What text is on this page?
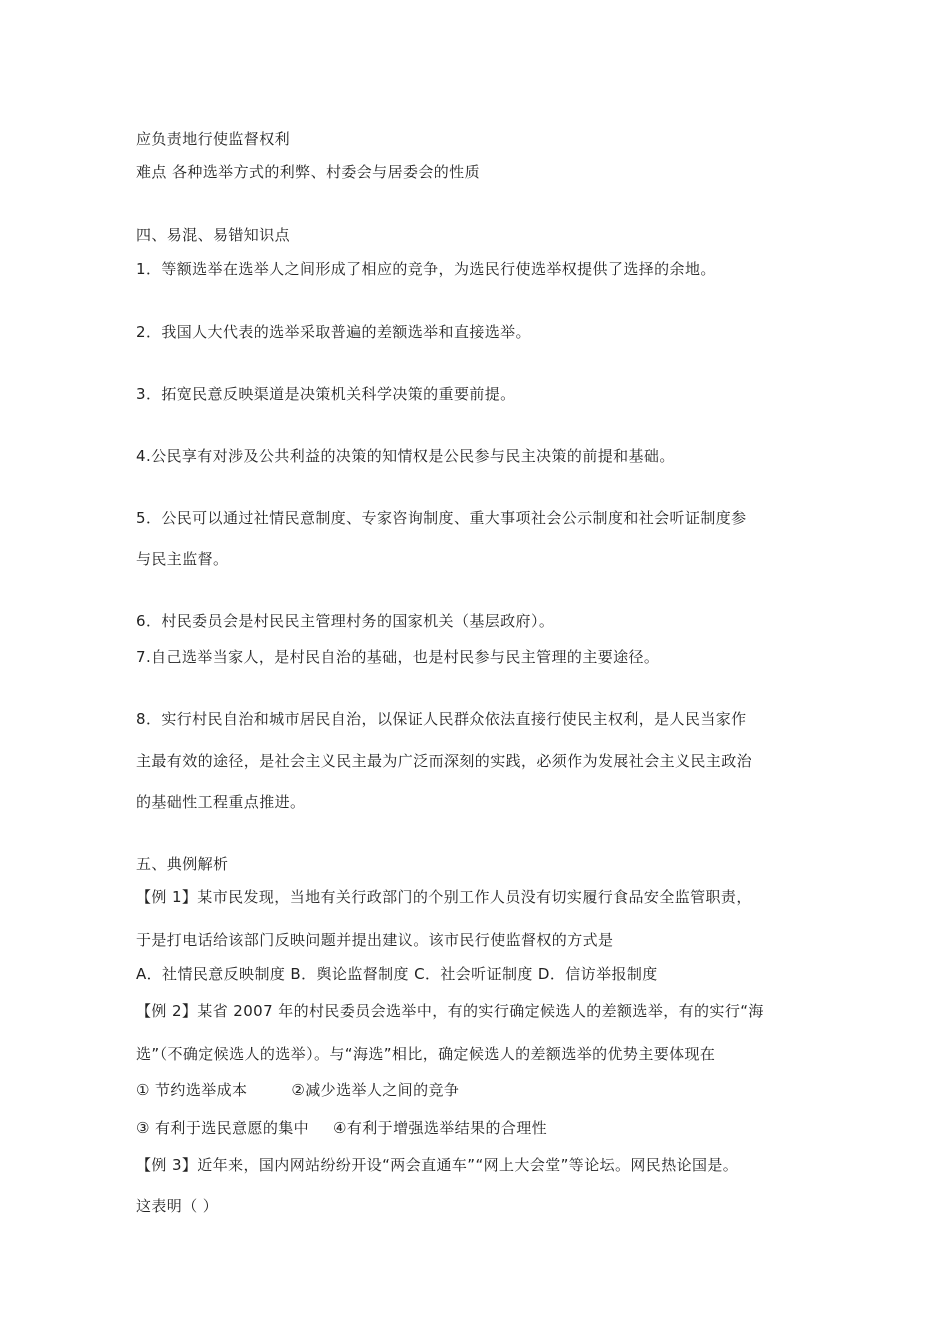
应负责地行使监督权利
难点 各种选举方式的利弊、村委会与居委会的性质
四、易混、易错知识点
1．等额选举在选举人之间形成了相应的竞争，为选民行使选举权提供了选择的余地。
2．我国人大代表的选举采取普遍的差额选举和直接选举。
3．拓宽民意反映渠道是决策机关科学决策的重要前提。
4.公民享有对涉及公共利益的决策的知情权是公民参与民主决策的前提和基础。
5．公民可以通过社情民意制度、专家咨询制度、重大事项社会公示制度和社会听证制度参
与民主监督。
6．村民委员会是村民民主管理村务的国家机关（基层政府）。
7.自己选举当家人，是村民自治的基础，也是村民参与民主管理的主要途径。
8．实行村民自治和城市居民自治，以保证人民群众依法直接行使民主权利，是人民当家作
主最有效的途径，是社会主义民主最为广泛而深刻的实践，必须作为发展社会主义民主政治
的基础性工程重点推进。
五、典例解析
【例 1】某市民发现，当地有关行政部门的个别工作人员没有切实履行食品安全监管职责，
于是打电话给该部门反映问题并提出建议。该市民行使监督权的方式是
A．社情民意反映制度 B．舆论监督制度 C．社会听证制度 D．信访举报制度
【例 2】某省 2007 年的村民委员会选举中，有的实行确定候选人的差额选举，有的实行“海
选”（不确定候选人的选举）。与“海选”相比，确定候选人的差额选举的优势主要体现在
① 节约选举成本	②减少选举人之间的竞争
③ 有利于选民意愿的集中 ④有利于增强选举结果的合理性
【例 3】近年来，国内网站纷纷开设“两会直通车”“网上大会堂”等论坛。网民热论国是。
这表明（ ）
